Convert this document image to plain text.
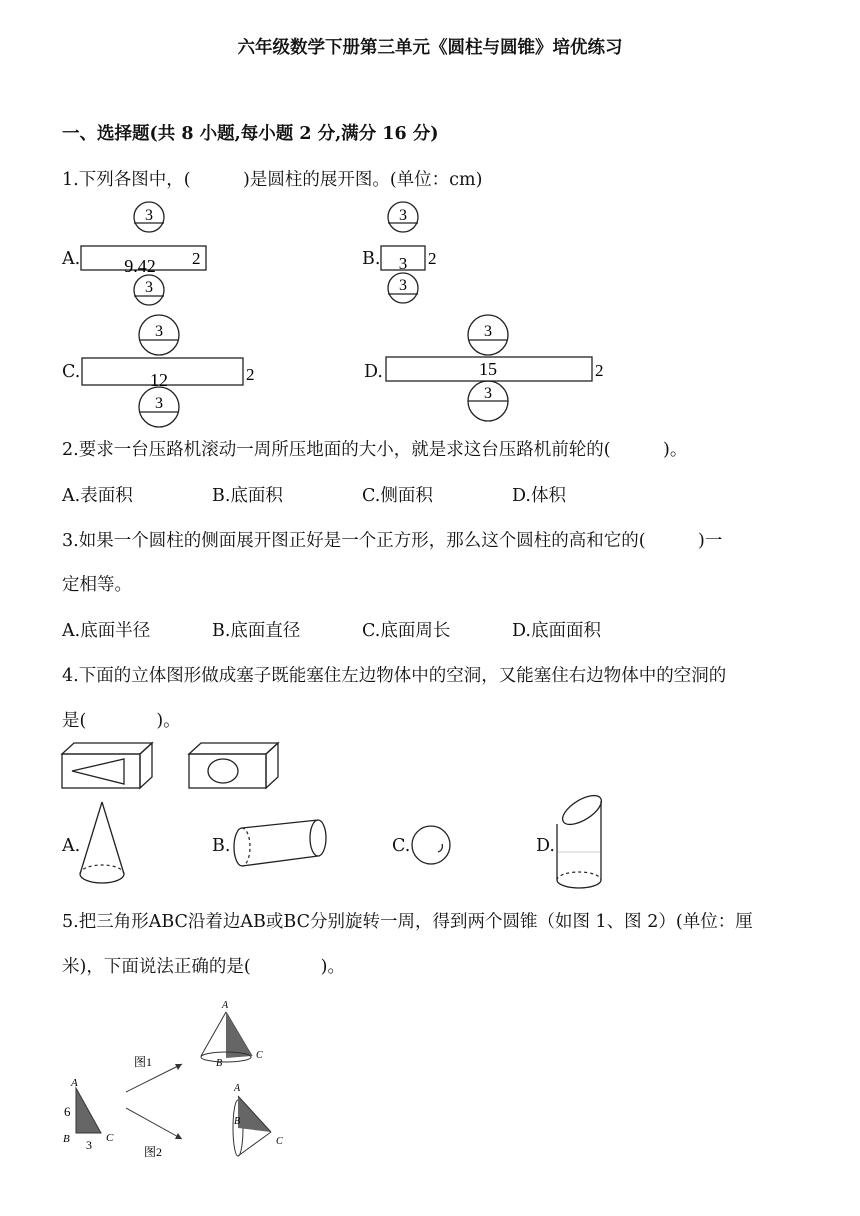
六年级数学下册第三单元《圆柱与圆锥》培优练习
一、选择题(共 8 小题,每小题 2 分,满分 16 分)
1.下列各图中，(　　　)是圆柱的展开图。(单位：cm)
A.
3
9.42 2
3
B.
3
3 2
3
C.
3
12	2
3
D.
3
15	2
3
2.要求一台压路机滚动一周所压地面的大小，就是求这台压路机前轮的(　　　)。
A.表面积	B.底面积	C.侧面积	D.体积
3.如果一个圆柱的侧面展开图正好是一个正方形，那么这个圆柱的高和它的(　　　)一
定相等。
A.底面半径	B.底面直径	C.底面周长	D.底面面积
4.下面的立体图形做成塞子既能塞住左边物体中的空洞，又能塞住右边物体中的空洞的
是(　　　　)。
A.	B.	C.	D.
5.把三角形ABC沿着边AB或BC分别旋转一周，得到两个圆锥（如图 1、图 2）(单位：厘
米)，下面说法正确的是(　　　　)。
A
B	C
6
3
图1
图2
A
B
C
A
B
C
